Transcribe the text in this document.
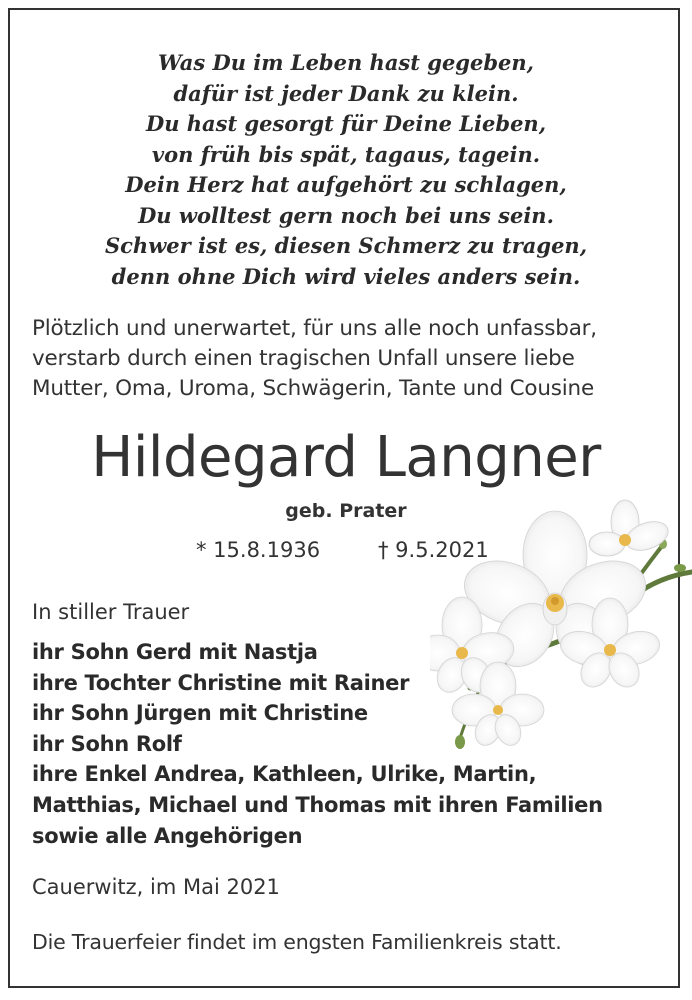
Was Du im Leben hast gegeben,
dafür ist jeder Dank zu klein.
Du hast gesorgt für Deine Lieben,
von früh bis spät, tagaus, tagein.
Dein Herz hat aufgehört zu schlagen,
Du wolltest gern noch bei uns sein.
Schwer ist es, diesen Schmerz zu tragen,
denn ohne Dich wird vieles anders sein.
Plötzlich und unerwartet, für uns alle noch unfassbar,
verstarb durch einen tragischen Unfall unsere liebe
Mutter, Oma, Uroma, Schwägerin, Tante und Cousine
Hildegard Langner
geb. Prater
* 15.8.1936	† 9.5.2021
In stiller Trauer
ihr Sohn Gerd mit Nastja
ihre Tochter Christine mit Rainer
ihr Sohn Jürgen mit Christine
ihr Sohn Rolf
ihre Enkel Andrea, Kathleen, Ulrike, Martin,
Matthias, Michael und Thomas mit ihren Familien
sowie alle Angehörigen
Cauerwitz, im Mai 2021
Die Trauerfeier findet im engsten Familienkreis statt.
